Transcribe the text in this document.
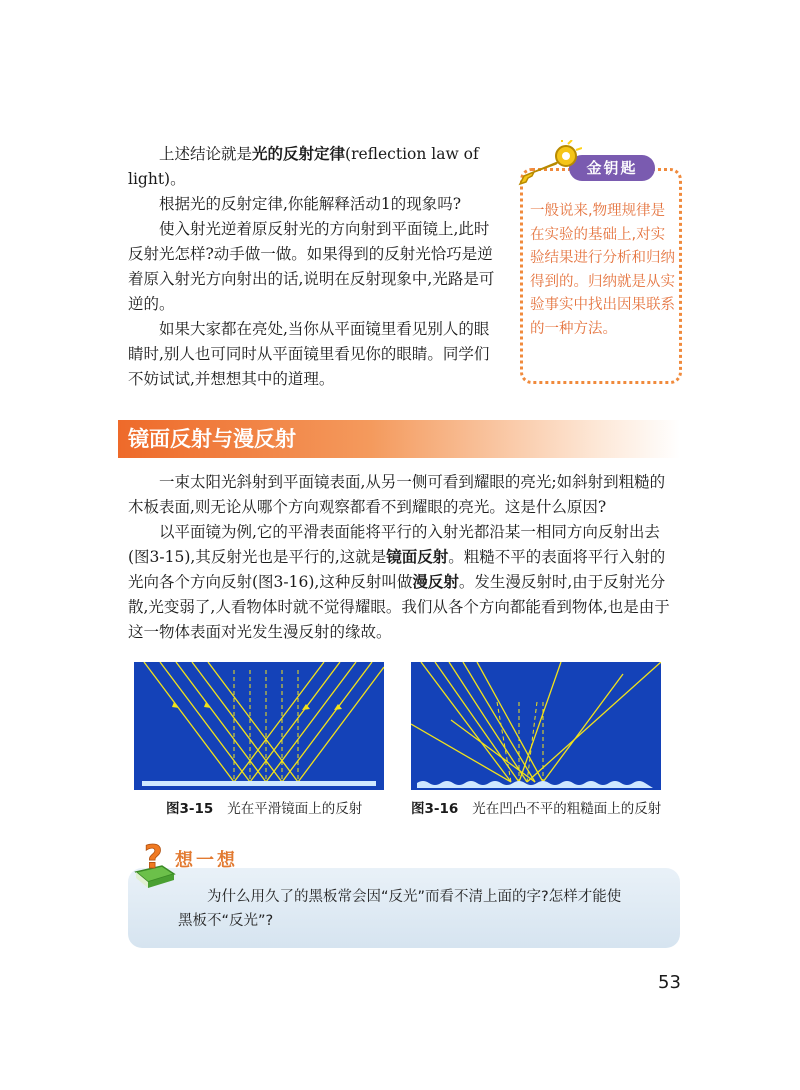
上述结论就是光的反射定律(reflection law of light)。

根据光的反射定律,你能解释活动1的现象吗?

使入射光逆着原反射光的方向射到平面镜上,此时反射光怎样?动手做一做。如果得到的反射光恰巧是逆着原入射光方向射出的话,说明在反射现象中,光路是可逆的。

如果大家都在亮处,当你从平面镜里看见别人的眼睛时,别人也可同时从平面镜里看见你的眼睛。同学们不妨试试,并想想其中的道理。

金钥匙
一般说来,物理规律是在实验的基础上,对实验结果进行分析和归纳得到的。归纳就是从实验事实中找出因果联系的一种方法。
镜面反射与漫反射

一束太阳光斜射到平面镜表面,从另一侧可看到耀眼的亮光;如斜射到粗糙的木板表面,则无论从哪个方向观察都看不到耀眼的亮光。这是什么原因?

以平面镜为例,它的平滑表面能将平行的入射光都沿某一相同方向反射出去(图3-15),其反射光也是平行的,这就是镜面反射。粗糙不平的表面将平行入射的光向各个方向反射(图3-16),这种反射叫做漫反射。发生漫反射时,由于反射光分散,光变弱了,人看物体时就不觉得耀眼。我们从各个方向都能看到物体,也是由于这一物体表面对光发生漫反射的缘故。

图3-15 光在平滑镜面上的反射	图3-16 光在凹凸不平的粗糙面上的反射
? 想一想
为什么用久了的黑板常会因“反光”而看不清上面的字?怎样才能使
黑板不“反光”?
53
